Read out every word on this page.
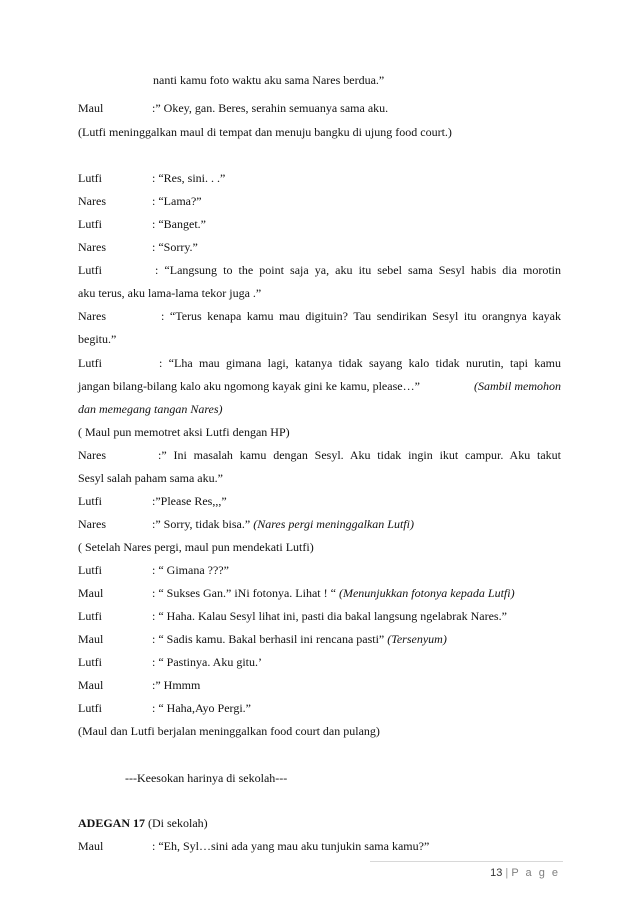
nanti kamu foto waktu aku sama Nares berdua.”
Maul	:” Okey, gan. Beres, serahin semuanya sama aku.
(Lutfi meninggalkan maul di tempat dan menuju bangku di ujung food court.)
Lutfi	: “Res, sini. . .”
Nares	: “Lama?”
Lutfi	: “Banget.”
Nares	: “Sorry.”
Lutfi	: “Langsung to the point saja ya, aku itu sebel sama Sesyl habis dia morotin
aku terus, aku lama-lama tekor juga .”
Nares	: “Terus kenapa kamu mau digituin? Tau sendirikan Sesyl itu orangnya kayak
begitu.”
Lutfi	: “Lha mau gimana lagi, katanya tidak sayang kalo tidak nurutin, tapi kamu
jangan bilang-bilang kalo aku ngomong kayak gini ke kamu, please…”	(Sambil memohon
dan memegang tangan Nares)
( Maul pun memotret aksi Lutfi dengan HP)
Nares	:” Ini masalah kamu dengan Sesyl. Aku tidak ingin ikut campur. Aku takut
Sesyl salah paham sama aku.”
Lutfi	:”Please Res,,,”
Nares	:” Sorry, tidak bisa.” (Nares pergi meninggalkan Lutfi)
( Setelah Nares pergi, maul pun mendekati Lutfi)
Lutfi	: “ Gimana ???”
Maul	: “ Sukses Gan.” iNi fotonya. Lihat ! “ (Menunjukkan fotonya kepada Lutfi)
Lutfi	: “ Haha. Kalau Sesyl lihat ini, pasti dia bakal langsung ngelabrak Nares.”
Maul	: “ Sadis kamu. Bakal berhasil ini rencana pasti” (Tersenyum)
Lutfi	: “ Pastinya. Aku gitu.’
Maul	:” Hmmm
Lutfi	: “ Haha,Ayo Pergi.”
(Maul dan Lutfi berjalan meninggalkan food court dan pulang)
---Keesokan harinya di sekolah---
ADEGAN 17 (Di sekolah)
Maul	: “Eh, Syl…sini ada yang mau aku tunjukin sama kamu?”
13 | P a g e
